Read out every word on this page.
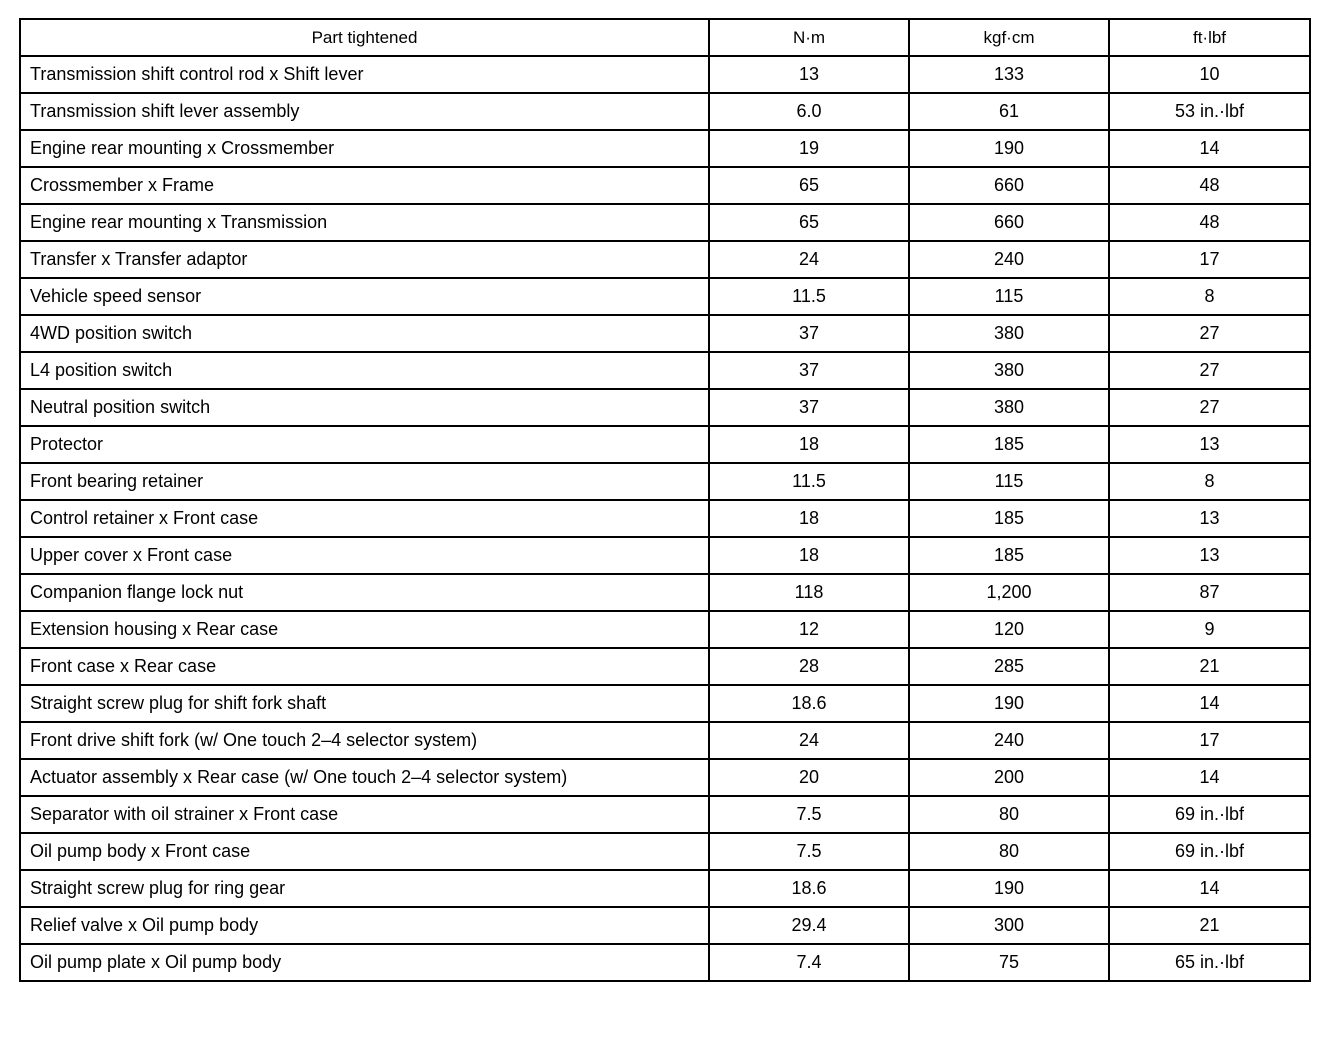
Part tightened	N·m	kgf·cm	ft·lbf
Transmission shift control rod x Shift lever	13	133	10
Transmission shift lever assembly	6.0	61	53 in.·lbf
Engine rear mounting x Crossmember	19	190	14
Crossmember x Frame	65	660	48
Engine rear mounting x Transmission	65	660	48
Transfer x Transfer adaptor	24	240	17
Vehicle speed sensor	11.5	115	8
4WD position switch	37	380	27
L4 position switch	37	380	27
Neutral position switch	37	380	27
Protector	18	185	13
Front bearing retainer	11.5	115	8
Control retainer x Front case	18	185	13
Upper cover x Front case	18	185	13
Companion flange lock nut	118	1,200	87
Extension housing x Rear case	12	120	9
Front case x Rear case	28	285	21
Straight screw plug for shift fork shaft	18.6	190	14
Front drive shift fork (w/ One touch 2–4 selector system)	24	240	17
Actuator assembly x Rear case (w/ One touch 2–4 selector system)	20	200	14
Separator with oil strainer x Front case	7.5	80	69 in.·lbf
Oil pump body x Front case	7.5	80	69 in.·lbf
Straight screw plug for ring gear	18.6	190	14
Relief valve x Oil pump body	29.4	300	21
Oil pump plate x Oil pump body	7.4	75	65 in.·lbf
